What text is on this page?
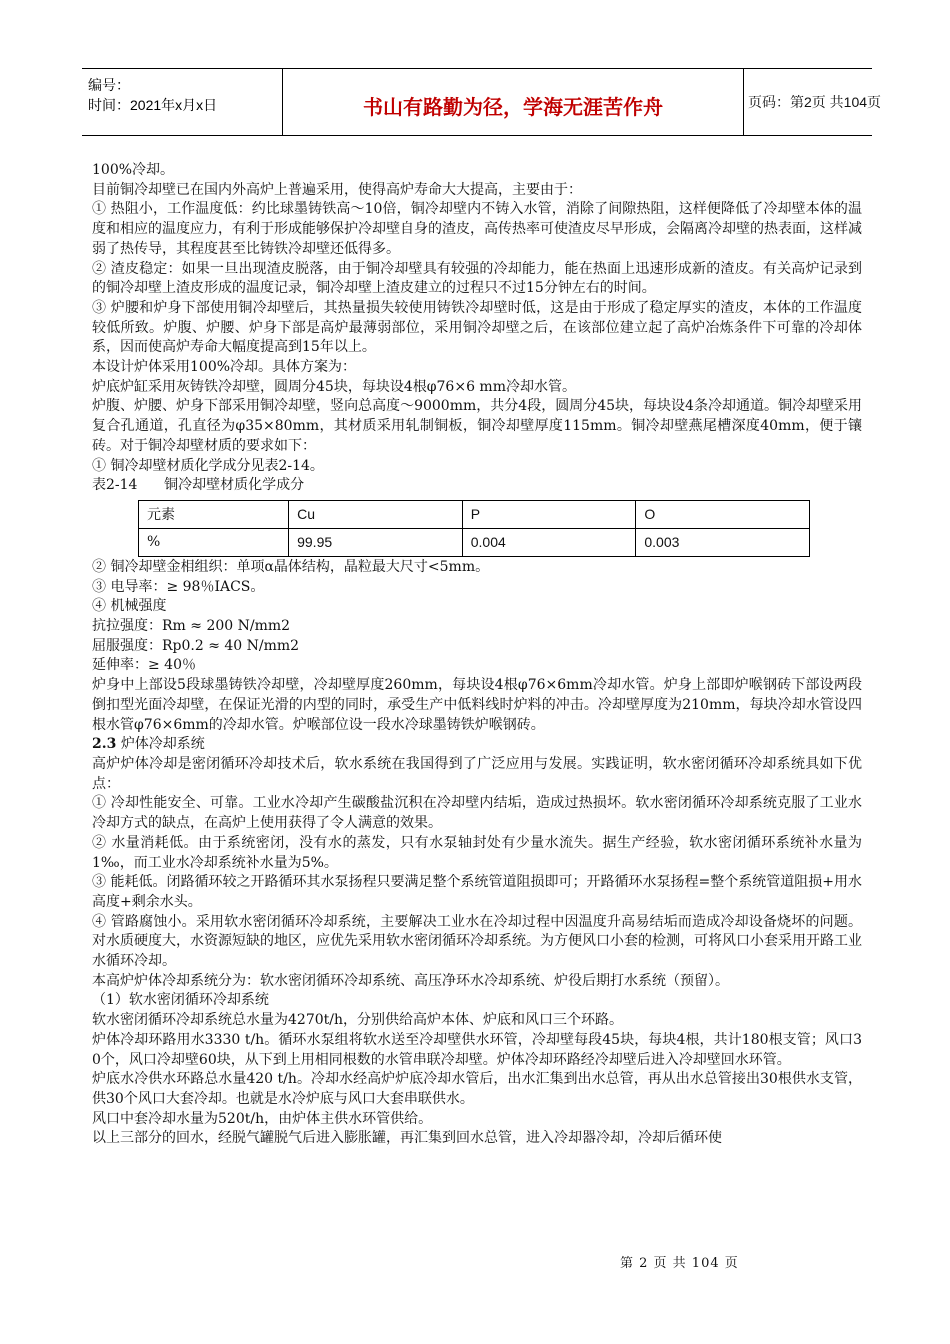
编号：
时间：2021年x月x日	书山有路勤为径，学海无涯苦作舟	页码：第2页 共104页

100%冷却。

目前铜冷却壁已在国内外高炉上普遍采用，使得高炉寿命大大提高，主要由于：

① 热阻小，工作温度低：约比球墨铸铁高～10倍，铜冷却壁内不铸入水管，消除了间隙热阻，这样便降低了冷却壁本体的温度和相应的温度应力，有利于形成能够保护冷却壁自身的渣皮，高传热率可使渣皮尽早形成，会隔离冷却壁的热表面，这样减弱了热传导，其程度甚至比铸铁冷却壁还低得多。

② 渣皮稳定：如果一旦出现渣皮脱落，由于铜冷却壁具有较强的冷却能力，能在热面上迅速形成新的渣皮。有关高炉记录到的铜冷却壁上渣皮形成的温度记录，铜冷却壁上渣皮建立的过程只不过15分钟左右的时间。

③ 炉腰和炉身下部使用铜冷却壁后，其热量损失较使用铸铁冷却壁时低，这是由于形成了稳定厚实的渣皮，本体的工作温度较低所致。炉腹、炉腰、炉身下部是高炉最薄弱部位，采用铜冷却壁之后，在该部位建立起了高炉冶炼条件下可靠的冷却体系，因而使高炉寿命大幅度提高到15年以上。

本设计炉体采用100%冷却。具体方案为：

炉底炉缸采用灰铸铁冷却壁，圆周分45块，每块设4根φ76×6 mm冷却水管。

炉腹、炉腰、炉身下部采用铜冷却壁，竖向总高度～9000mm，共分4段，圆周分45块，每块设4条冷却通道。铜冷却壁采用复合孔通道，孔直径为φ35×80mm，其材质采用轧制铜板，铜冷却壁厚度115mm。铜冷却壁燕尾槽深度40mm，便于镶砖。对于铜冷却壁材质的要求如下：

① 铜冷却壁材质化学成分见表2-14。

表2-14 铜冷却壁材质化学成分
元素	Cu	P	O
%	99.95	0.004	0.003

② 铜冷却壁金相组织：单项α晶体结构，晶粒最大尺寸<5mm。

③ 电导率：≥ 98％IACS。

④ 机械强度

抗拉强度：Rm ≈ 200 N/mm2

屈服强度：Rp0.2 ≈ 40 N/mm2

延伸率：≥ 40％

炉身中上部设5段球墨铸铁冷却壁，冷却壁厚度260mm，每块设4根φ76×6mm冷却水管。炉身上部即炉喉钢砖下部设两段倒扣型光面冷却壁，在保证光滑的内型的同时，承受生产中低料线时炉料的冲击。冷却壁厚度为210mm，每块冷却水管设四根水管φ76×6mm的冷却水管。炉喉部位设一段水冷球墨铸铁炉喉钢砖。

2.3 炉体冷却系统

高炉炉体冷却是密闭循环冷却技术后，软水系统在我国得到了广泛应用与发展。实践证明，软水密闭循环冷却系统具如下优点：

① 冷却性能安全、可靠。工业水冷却产生碳酸盐沉积在冷却壁内结垢，造成过热损坏。软水密闭循环冷却系统克服了工业水冷却方式的缺点，在高炉上使用获得了令人满意的效果。

② 水量消耗低。由于系统密闭，没有水的蒸发，只有水泵轴封处有少量水流失。据生产经验，软水密闭循环系统补水量为1‰，而工业水冷却系统补水量为5%。

③ 能耗低。闭路循环较之开路循环其水泵扬程只要满足整个系统管道阻损即可；开路循环水泵扬程=整个系统管道阻损+用水高度+剩余水头。

④ 管路腐蚀小。采用软水密闭循环冷却系统，主要解决工业水在冷却过程中因温度升高易结垢而造成冷却设备烧坏的问题。对水质硬度大，水资源短缺的地区，应优先采用软水密闭循环冷却系统。为方便风口小套的检测，可将风口小套采用开路工业水循环冷却。

本高炉炉体冷却系统分为：软水密闭循环冷却系统、高压净环水冷却系统、炉役后期打水系统（预留）。

（1）软水密闭循环冷却系统

软水密闭循环冷却系统总水量为4270t/h，分别供给高炉本体、炉底和风口三个环路。

炉体冷却环路用水3330 t/h。循环水泵组将软水送至冷却壁供水环管，冷却壁每段45块，每块4根，共计180根支管；风口30个，风口冷却壁60块，从下到上用相同根数的水管串联冷却壁。炉体冷却环路经冷却壁后进入冷却壁回水环管。

炉底水冷供水环路总水量420 t/h。冷却水经高炉炉底冷却水管后，出水汇集到出水总管，再从出水总管接出30根供水支管，供30个风口大套冷却。也就是水冷炉底与风口大套串联供水。

风口中套冷却水量为520t/h，由炉体主供水环管供给。

以上三部分的回水，经脱气罐脱气后进入膨胀罐，再汇集到回水总管，进入冷却器冷却，冷却后循环使

第 2 页 共 104 页
